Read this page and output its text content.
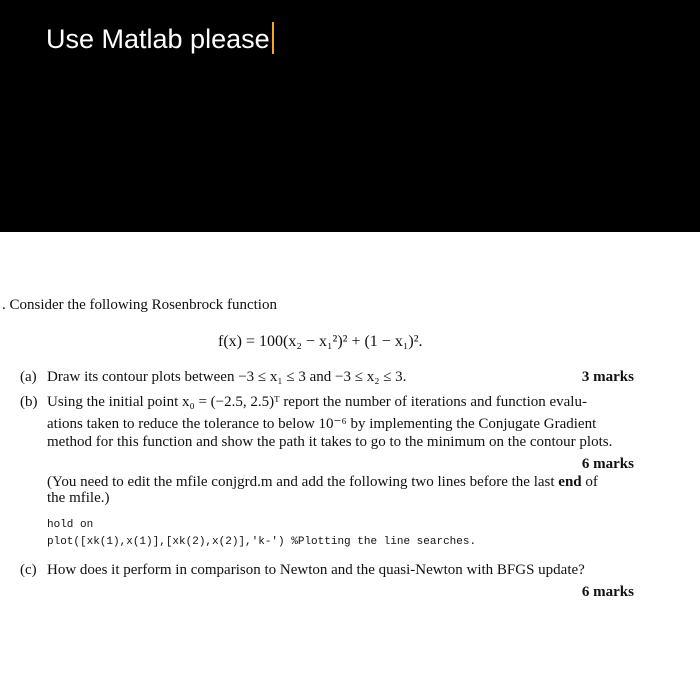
Use Matlab please
. Consider the following Rosenbrock function
f(x) = 100(x₂ − x₁²)² + (1 − x₁)².
(a) Draw its contour plots between −3 ≤ x₁ ≤ 3 and −3 ≤ x₂ ≤ 3.	3 marks
(b) Using the initial point x₀ = (−2.5, 2.5)ᵀ report the number of iterations and function evalu-
ations taken to reduce the tolerance to below 10⁻⁶ by implementing the Conjugate Gradient
method for this function and show the path it takes to go to the minimum on the contour plots.
6 marks
(You need to edit the mfile conjgrd.m and add the following two lines before the last end of
the mfile.)
hold on
plot([xk(1),x(1)],[xk(2),x(2)],'k-') %Plotting the line searches.
(c) How does it perform in comparison to Newton and the quasi-Newton with BFGS update?
6 marks
